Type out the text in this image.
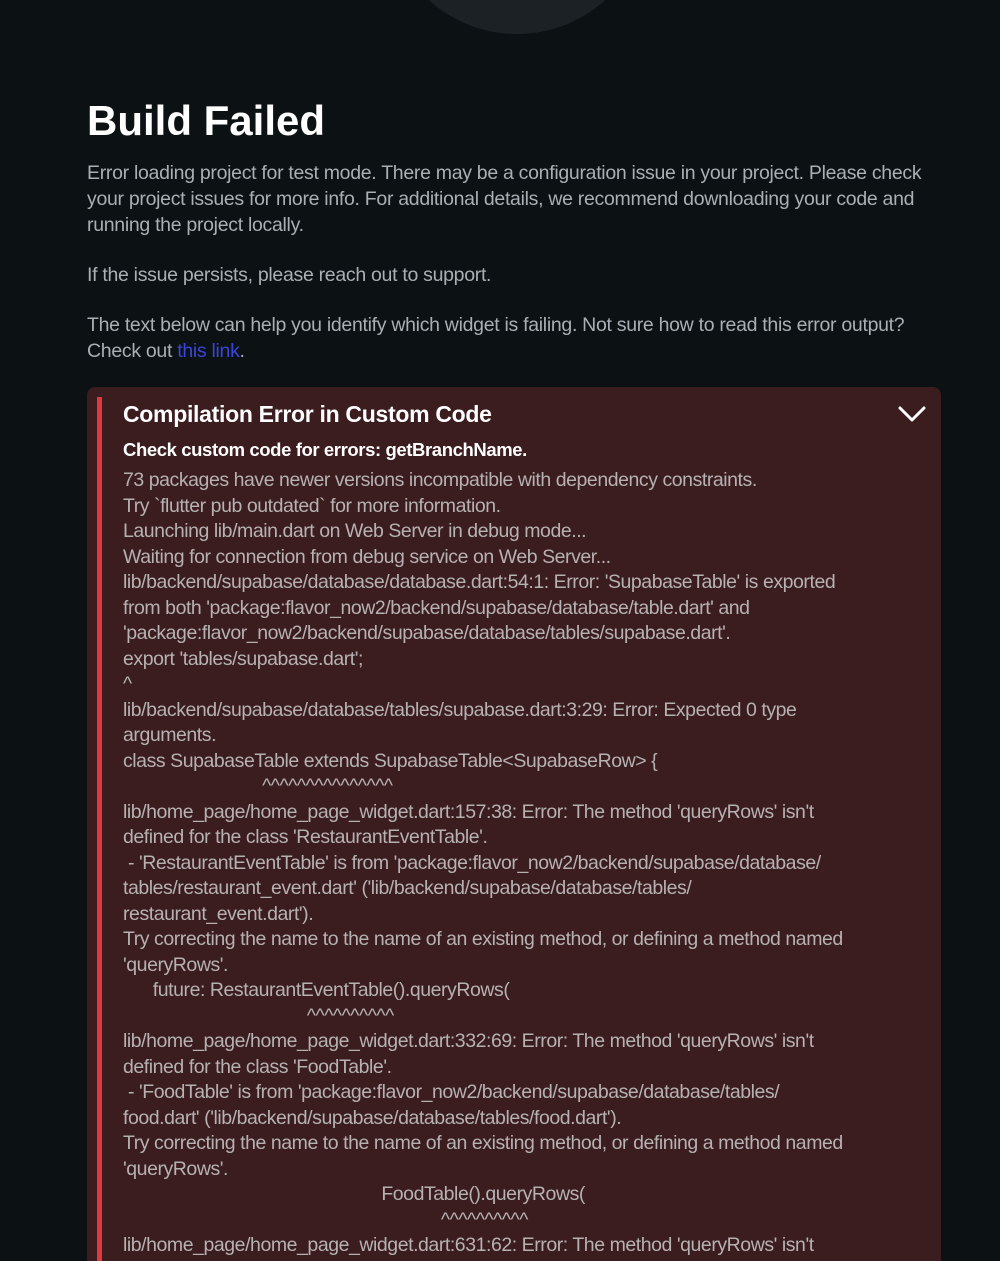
Build Failed

Error loading project for test mode. There may be a configuration issue in your project. Please check your project issues for more info. For additional details, we recommend downloading your code and running the project locally.

If the issue persists, please reach out to support.

The text below can help you identify which widget is failing. Not sure how to read this error output? Check out this link.

Compilation Error in Custom Code
Check custom code for errors: getBranchName.
73 packages have newer versions incompatible with dependency constraints.
Try `flutter pub outdated` for more information.
Launching lib/main.dart on Web Server in debug mode...
Waiting for connection from debug service on Web Server...
lib/backend/supabase/database/database.dart:54:1: Error: 'SupabaseTable' is exported
from both 'package:flavor_now2/backend/supabase/database/table.dart' and
'package:flavor_now2/backend/supabase/database/tables/supabase.dart'.
export 'tables/supabase.dart';
^
lib/backend/supabase/database/tables/supabase.dart:3:29: Error: Expected 0 type
arguments.
class SupabaseTable extends SupabaseTable<SupabaseRow> {
^^^^^^^^^^^^^^^
lib/home_page/home_page_widget.dart:157:38: Error: The method 'queryRows' isn't
defined for the class 'RestaurantEventTable'.
- 'RestaurantEventTable' is from 'package:flavor_now2/backend/supabase/database/
tables/restaurant_event.dart' ('lib/backend/supabase/database/tables/
restaurant_event.dart').
Try correcting the name to the name of an existing method, or defining a method named
'queryRows'.
future: RestaurantEventTable().queryRows(
^^^^^^^^^^
lib/home_page/home_page_widget.dart:332:69: Error: The method 'queryRows' isn't
defined for the class 'FoodTable'.
- 'FoodTable' is from 'package:flavor_now2/backend/supabase/database/tables/
food.dart' ('lib/backend/supabase/database/tables/food.dart').
Try correcting the name to the name of an existing method, or defining a method named
'queryRows'.
FoodTable().queryRows(
^^^^^^^^^^
lib/home_page/home_page_widget.dart:631:62: Error: The method 'queryRows' isn't
